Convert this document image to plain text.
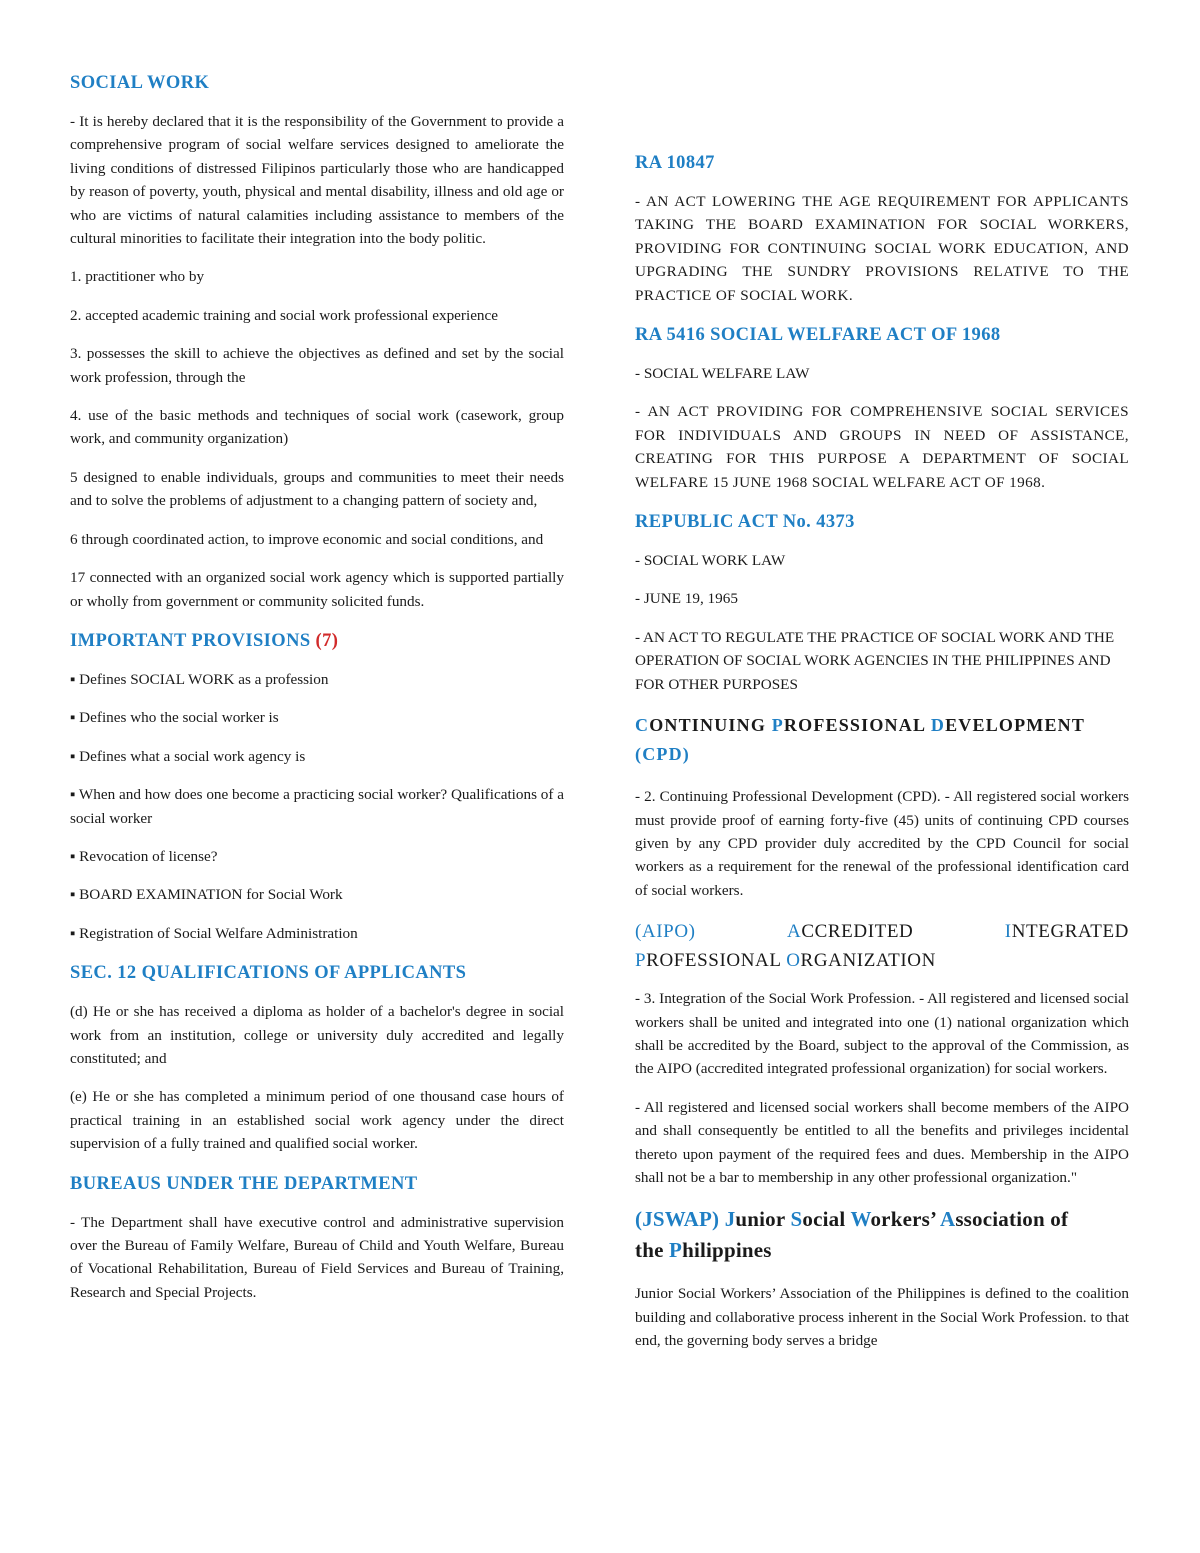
SOCIAL WORK

- It is hereby declared that it is the responsibility of the Government to provide a comprehensive program of social welfare services designed to ameliorate the living conditions of distressed Filipinos particularly those who are handicapped by reason of poverty, youth, physical and mental disability, illness and old age or who are victims of natural calamities including assistance to members of the cultural minorities to facilitate their integration into the body politic.

1. practitioner who by

2. accepted academic training and social work professional experience

3. possesses the skill to achieve the objectives as defined and set by the social work profession, through the

4. use of the basic methods and techniques of social work (casework, group work, and community organization)

5 designed to enable individuals, groups and communities to meet their needs and to solve the problems of adjustment to a changing pattern of society and,

6 through coordinated action, to improve economic and social conditions, and

17 connected with an organized social work agency which is supported partially or wholly from government or community solicited funds.

IMPORTANT PROVISIONS (7)

▪ Defines SOCIAL WORK as a profession

▪ Defines who the social worker is

▪ Defines what a social work agency is

▪ When and how does one become a practicing social worker? Qualifications of a social worker

▪ Revocation of license?

▪ BOARD EXAMINATION for Social Work

▪ Registration of Social Welfare Administration

SEC. 12 QUALIFICATIONS OF APPLICANTS

(d) He or she has received a diploma as holder of a bachelor's degree in social work from an institution, college or university duly accredited and legally constituted; and

(e) He or she has completed a minimum period of one thousand case hours of practical training in an established social work agency under the direct supervision of a fully trained and qualified social worker.

BUREAUS UNDER THE DEPARTMENT

- The Department shall have executive control and administrative supervision over the Bureau of Family Welfare, Bureau of Child and Youth Welfare, Bureau of Vocational Rehabilitation, Bureau of Field Services and Bureau of Training, Research and Special Projects.

RA 10847

- AN ACT LOWERING THE AGE REQUIREMENT FOR APPLICANTS TAKING THE BOARD EXAMINATION FOR SOCIAL WORKERS, PROVIDING FOR CONTINUING SOCIAL WORK EDUCATION, AND UPGRADING THE SUNDRY PROVISIONS RELATIVE TO THE PRACTICE OF SOCIAL WORK.

RA 5416 SOCIAL WELFARE ACT OF 1968

- SOCIAL WELFARE LAW

- AN ACT PROVIDING FOR COMPREHENSIVE SOCIAL SERVICES FOR INDIVIDUALS AND GROUPS IN NEED OF ASSISTANCE, CREATING FOR THIS PURPOSE A DEPARTMENT OF SOCIAL WELFARE 15 JUNE 1968 SOCIAL WELFARE ACT OF 1968.

REPUBLIC ACT No. 4373

- SOCIAL WORK LAW

- JUNE 19, 1965

- AN ACT TO REGULATE THE PRACTICE OF SOCIAL WORK AND THE OPERATION OF SOCIAL WORK AGENCIES IN THE PHILIPPINES AND FOR OTHER PURPOSES

CONTINUING PROFESSIONAL DEVELOPMENT
(CPD)

- 2. Continuing Professional Development (CPD). - All registered social workers must provide proof of earning forty-five (45) units of continuing CPD courses given by any CPD provider duly accredited by the CPD Council for social workers as a requirement for the renewal of the professional identification card of social workers.

(AIPO)	ACCREDITED	INTEGRATED
PROFESSIONAL ORGANIZATION

- 3. Integration of the Social Work Profession. - All registered and licensed social workers shall be united and integrated into one (1) national organization which shall be accredited by the Board, subject to the approval of the Commission, as the AIPO (accredited integrated professional organization) for social workers.

- All registered and licensed social workers shall become members of the AIPO and shall consequently be entitled to all the benefits and privileges incidental thereto upon payment of the required fees and dues. Membership in the AIPO shall not be a bar to membership in any other professional organization."

(JSWAP) Junior Social Workers’ Association of
the Philippines

Junior Social Workers’ Association of the Philippines is defined to the coalition building and collaborative process inherent in the Social Work Profession. to that end, the governing body serves a bridge
